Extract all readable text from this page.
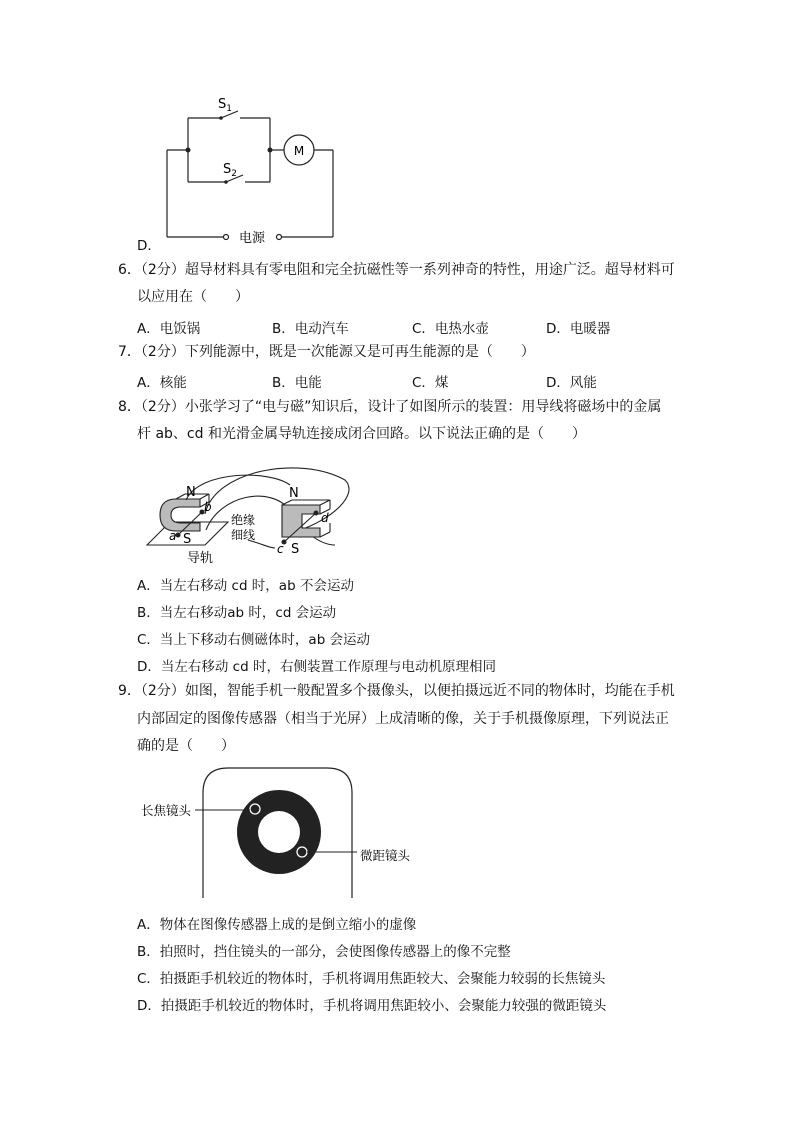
$S_1$
$S_2$
M
电源
D．
6．（2分）超导材料具有零电阻和完全抗磁性等一系列神奇的特性，用途广泛。超导材料可
以应用在（　　）
A．电饭锅	B．电动汽车	C．电热水壶	D．电暖器
7．（2分）下列能源中，既是一次能源又是可再生能源的是（　　）
A．核能	B．电能	C．煤	D．风能
8．（2分）小张学习了“电与磁”知识后，设计了如图所示的装置：用导线将磁场中的金属
杆 ab、cd 和光滑金属导轨连接成闭合回路。以下说法正确的是（　　）
N
S
a
b
导轨
绝缘
细线
N
S
c
d
A．当左右移动 cd 时，ab 不会运动
B．当左右移动ab 时，cd 会运动
C．当上下移动右侧磁体时，ab 会运动
D．当左右移动 cd 时，右侧装置工作原理与电动机原理相同
9．（2分）如图，智能手机一般配置多个摄像头，以便拍摄远近不同的物体时，均能在手机
内部固定的图像传感器（相当于光屏）上成清晰的像，关于手机摄像原理，下列说法正
确的是（　　）
长焦镜头
微距镜头
A．物体在图像传感器上成的是倒立缩小的虚像
B．拍照时，挡住镜头的一部分，会使图像传感器上的像不完整
C．拍摄距手机较近的物体时，手机将调用焦距较大、会聚能力较弱的长焦镜头
D．拍摄距手机较近的物体时，手机将调用焦距较小、会聚能力较强的微距镜头
